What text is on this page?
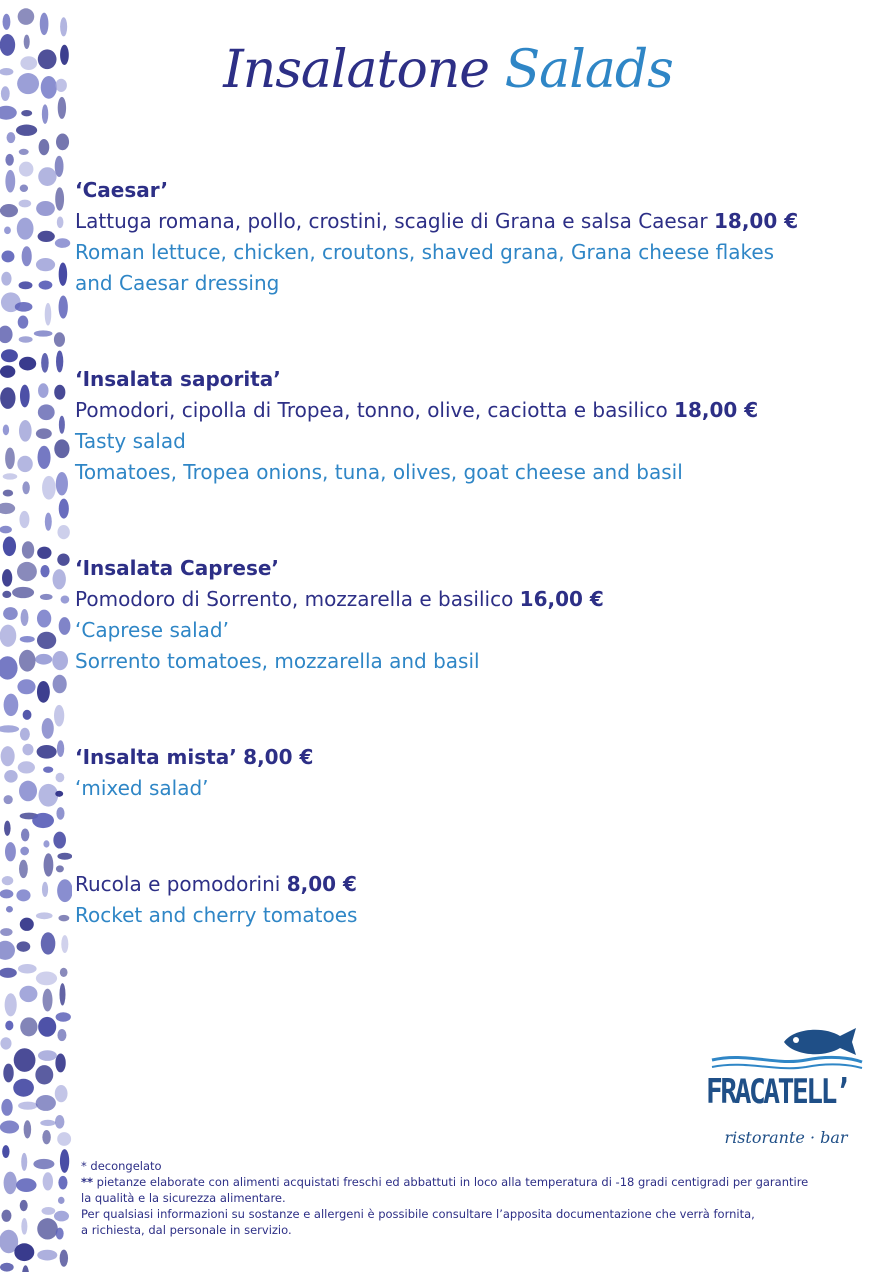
Insalatone Salads
‘Caesar’
Lattuga romana, pollo, crostini, scaglie di Grana e salsa Caesar 18,00 €
Roman lettuce, chicken, croutons, shaved grana, Grana cheese flakes
and Caesar dressing
‘Insalata saporita’
Pomodori, cipolla di Tropea, tonno, olive, caciotta e basilico 18,00 €
Tasty salad
Tomatoes, Tropea onions, tuna, olives, goat cheese and basil
‘Insalata Caprese’
Pomodoro di Sorrento, mozzarella e basilico 16,00 €
‘Caprese salad’
Sorrento tomatoes, mozzarella and basil
‘Insalta mista’ 8,00 €
‘mixed salad’
Rucola e pomodorini 8,00 €
Rocket and cherry tomatoes
FRACATELL’
ristorante · bar
* decongelato
** pietanze elaborate con alimenti acquistati freschi ed abbattuti in loco alla temperatura di -18 gradi centigradi per garantire
la qualità e la sicurezza alimentare.
Per qualsiasi informazioni su sostanze e allergeni è possibile consultare l’apposita documentazione che verrà fornita,
a richiesta, dal personale in servizio.
